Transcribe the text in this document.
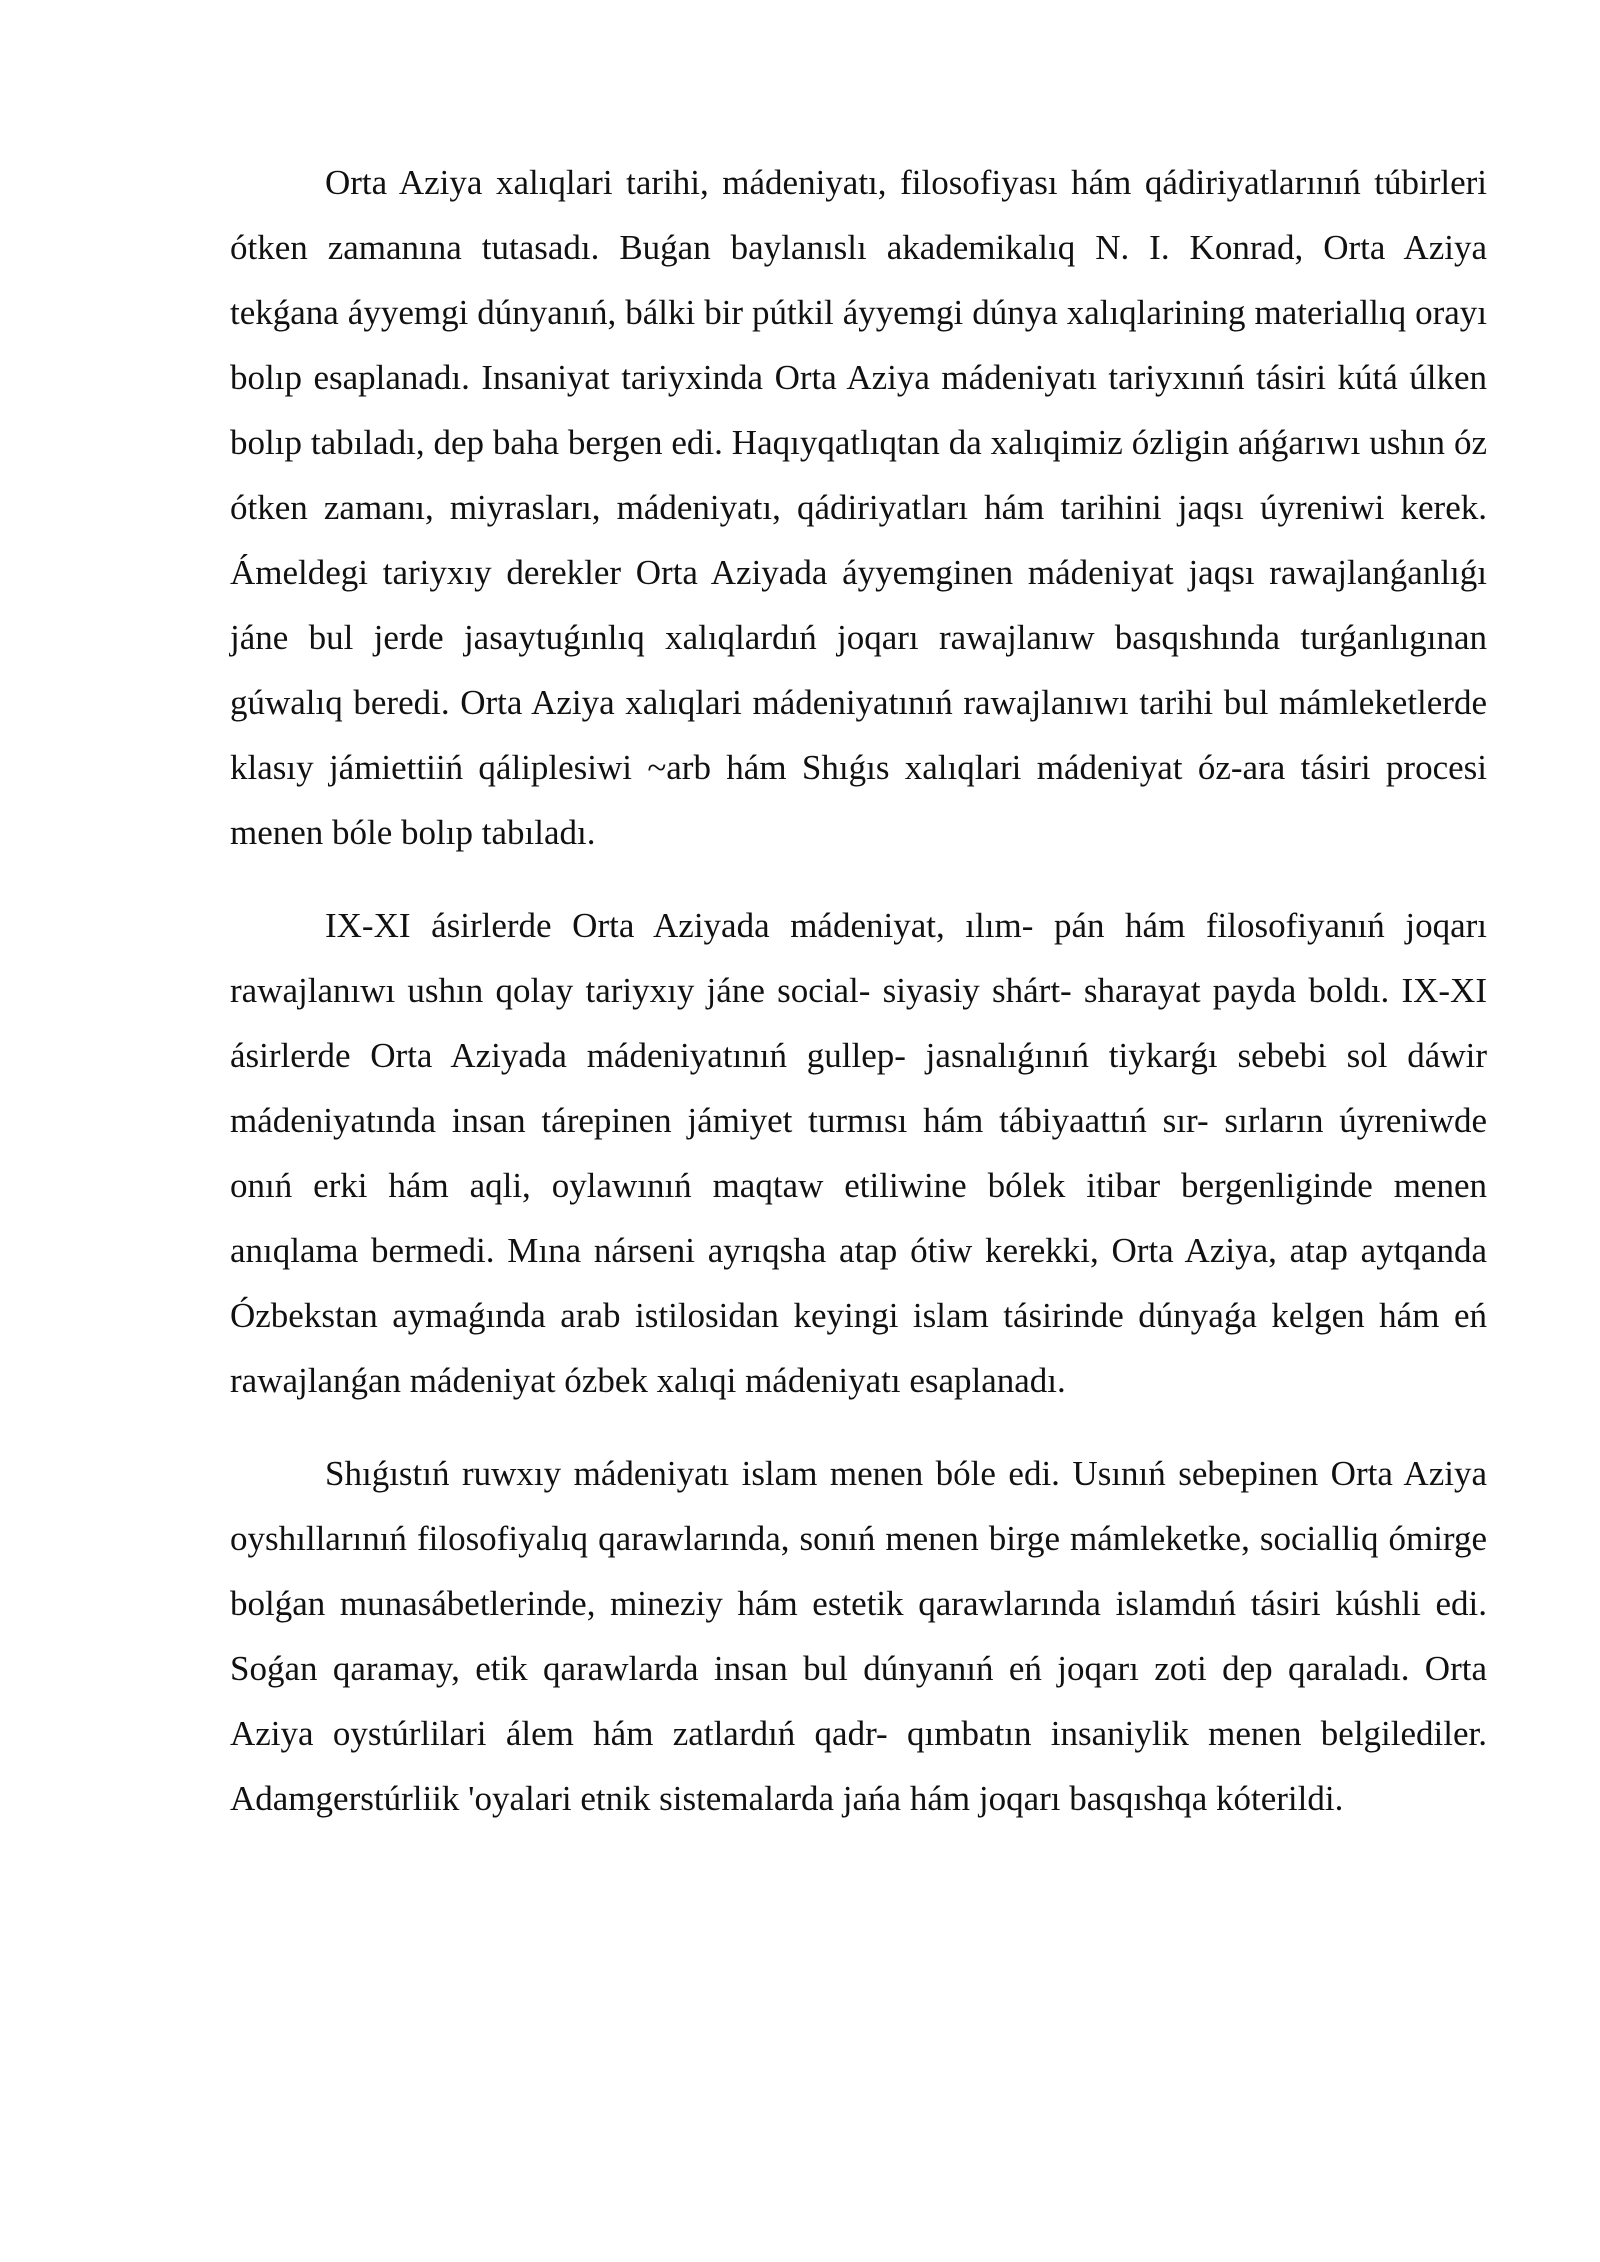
Orta Aziya xalıqlari tarihi, mádeniyatı, filosofiyası hám qádiriyatlarınıń túbirleri ótken zamanına tutasadı. Buǵan baylanıslı akademikalıq N. I. Konrad, Orta Aziya tekǵana áyyemgi dúnyanıń, bálki bir pútkil áyyemgi dúnya xalıqlarining materiallıq orayı bolıp esaplanadı. Insaniyat tariyxinda Orta Aziya mádeniyatı tariyxınıń tásiri kútá úlken bolıp tabıladı, dep baha bergen edi. Haqıyqatlıqtan da xalıqimiz ózligin ańǵarıwı ushın óz ótken zamanı, miyrasları, mádeniyatı, qádiriyatları hám tarihini jaqsı úyreniwi kerek. Ámeldegi tariyxıy derekler Orta Aziyada áyyemginen mádeniyat jaqsı rawajlanǵanlıǵı jáne bul jerde jasaytuǵınlıq xalıqlardıń joqarı rawajlanıw basqıshında turǵanlıgınan gúwalıq beredi. Orta Aziya xalıqlari mádeniyatınıń rawajlanıwı tarihi bul mámleketlerde klasıy jámiettiiń qáliplesiwi ~arb hám Shıǵıs xalıqlari mádeniyat óz-ara tásiri procesi menen bóle bolıp tabıladı.

IX-XI ásirlerde Orta Aziyada mádeniyat, ılım- pán hám filosofiyanıń joqarı rawajlanıwı ushın qolay tariyxıy jáne social- siyasiy shárt- sharayat payda boldı. IX-XI ásirlerde Orta Aziyada mádeniyatınıń gullep- jasnalıǵınıń tiykarǵı sebebi sol dáwir mádeniyatında insan tárepinen jámiyet turmısı hám tábiyaattıń sır- sırların úyreniwde onıń erki hám aqli, oylawınıń maqtaw etiliwine bólek itibar bergenliginde menen anıqlama bermedi. Mına nárseni ayrıqsha atap ótiw kerekki, Orta Aziya, atap aytqanda Ózbekstan aymaǵında arab istilosidan keyingi islam tásirinde dúnyaǵa kelgen hám eń rawajlanǵan mádeniyat ózbek xalıqi mádeniyatı esaplanadı.

Shıǵıstıń ruwxıy mádeniyatı islam menen bóle edi. Usınıń sebepinen Orta Aziya oyshıllarınıń filosofiyalıq qarawlarında, sonıń menen birge mámleketke, socialliq ómirge bolǵan munasábetlerinde, mineziy hám estetik qarawlarında islamdıń tásiri kúshli edi. Soǵan qaramay, etik qarawlarda insan bul dúnyanıń eń joqarı zoti dep qaraladı. Orta Aziya oystúrlilari álem hám zatlardıń qadr- qımbatın insaniylik menen belgilediler. Adamgerstúrliik 'oyalari etnik sistemalarda jańa hám joqarı basqıshqa kóterildi.
